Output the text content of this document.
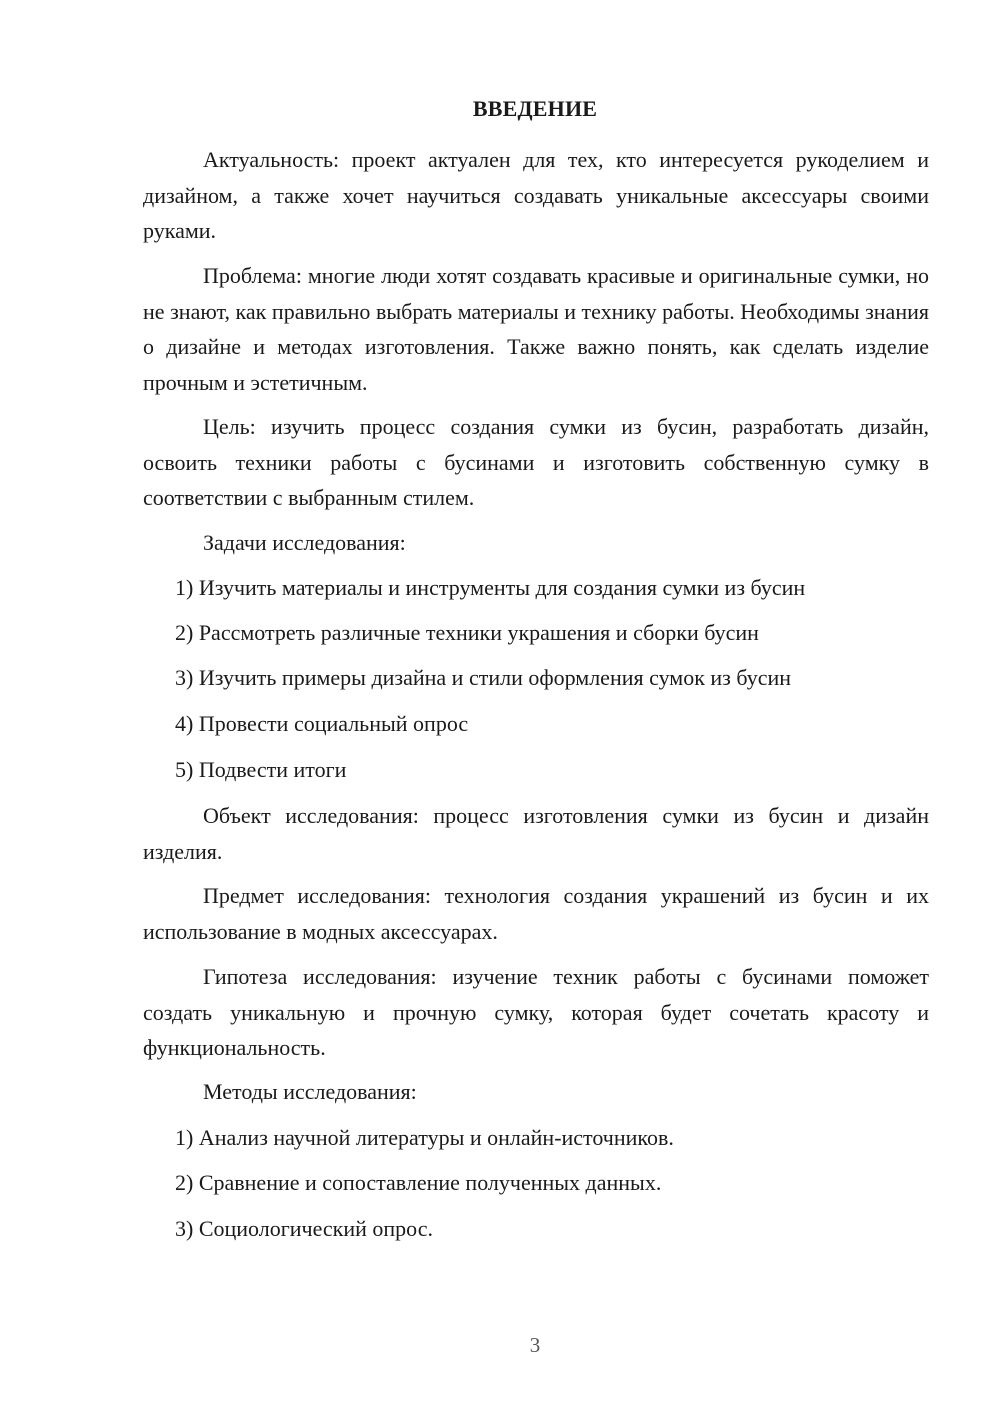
ВВЕДЕНИЕ

Актуальность: проект актуален для тех, кто интересуется рукоделием и дизайном, а также хочет научиться создавать уникальные аксессуары своими руками.

Проблема: многие люди хотят создавать красивые и оригинальные сумки, но не знают, как правильно выбрать материалы и технику работы. Необходимы знания о дизайне и методах изготовления. Также важно понять, как сделать изделие прочным и эстетичным.

Цель: изучить процесс создания сумки из бусин, разработать дизайн, освоить техники работы с бусинами и изготовить собственную сумку в соответствии с выбранным стилем.

Задачи исследования:

1) Изучить материалы и инструменты для создания сумки из бусин

2) Рассмотреть различные техники украшения и сборки бусин

3) Изучить примеры дизайна и стили оформления сумок из бусин

4) Провести социальный опрос

5) Подвести итоги

Объект исследования: процесс изготовления сумки из бусин и дизайн изделия.

Предмет исследования: технология создания украшений из бусин и их использование в модных аксессуарах.

Гипотеза исследования: изучение техник работы с бусинами поможет создать уникальную и прочную сумку, которая будет сочетать красоту и функциональность.

Методы исследования:

1) Анализ научной литературы и онлайн-источников.

2) Сравнение и сопоставление полученных данных.

3) Социологический опрос.

3
